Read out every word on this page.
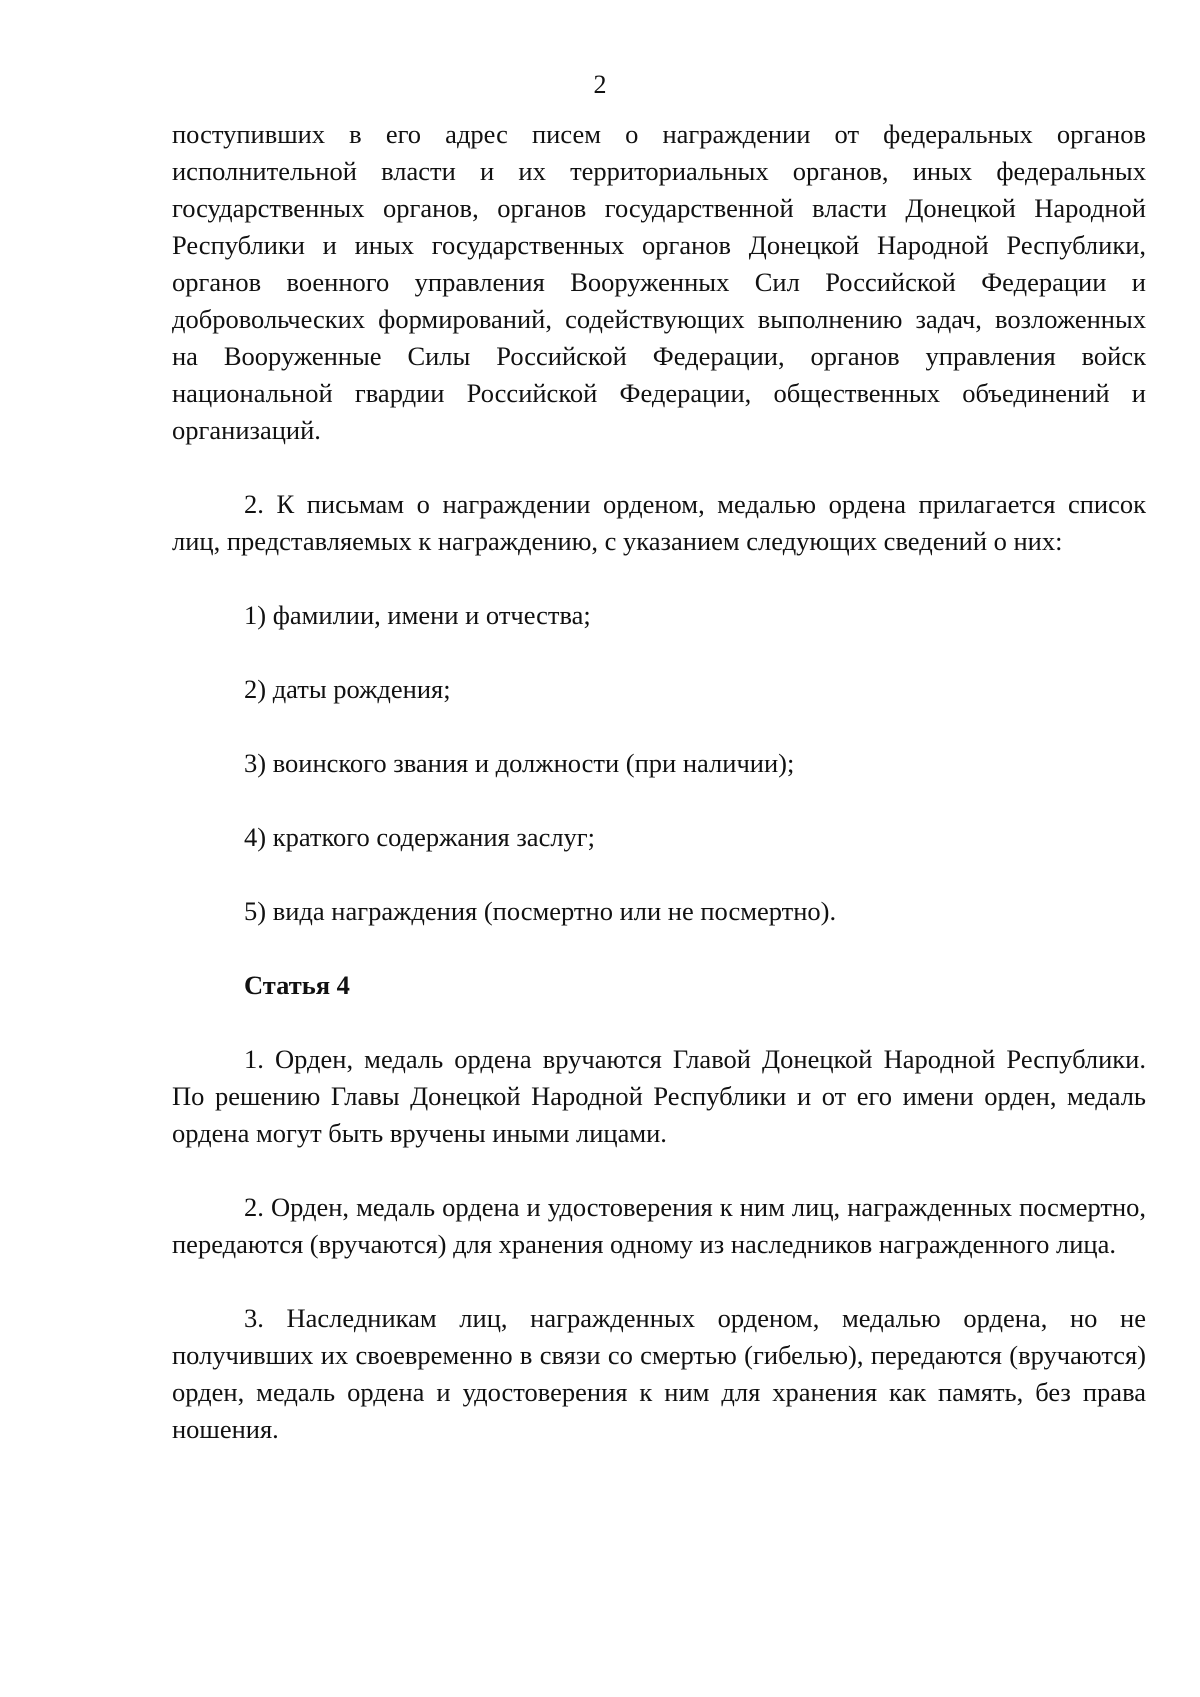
2

поступивших в его адрес писем о награждении от федеральных органов исполнительной власти и их территориальных органов, иных федеральных государственных органов, органов государственной власти Донецкой Народной Республики и иных государственных органов Донецкой Народной Республики, органов военного управления Вооруженных Сил Российской Федерации и добровольческих формирований, содействующих выполнению задач, возложенных на Вооруженные Силы Российской Федерации, органов управления войск национальной гвардии Российской Федерации, общественных объединений и организаций.

2. К письмам о награждении орденом, медалью ордена прилагается список лиц, представляемых к награждению, с указанием следующих сведений о них:

1) фамилии, имени и отчества;

2) даты рождения;

3) воинского звания и должности (при наличии);

4) краткого содержания заслуг;

5) вида награждения (посмертно или не посмертно).

Статья 4

1. Орден, медаль ордена вручаются Главой Донецкой Народной Республики. По решению Главы Донецкой Народной Республики и от его имени орден, медаль ордена могут быть вручены иными лицами.

2. Орден, медаль ордена и удостоверения к ним лиц, награжденных посмертно, передаются (вручаются) для хранения одному из наследников награжденного лица.

3. Наследникам лиц, награжденных орденом, медалью ордена, но не получивших их своевременно в связи со смертью (гибелью), передаются (вручаются) орден, медаль ордена и удостоверения к ним для хранения как память, без права ношения.
